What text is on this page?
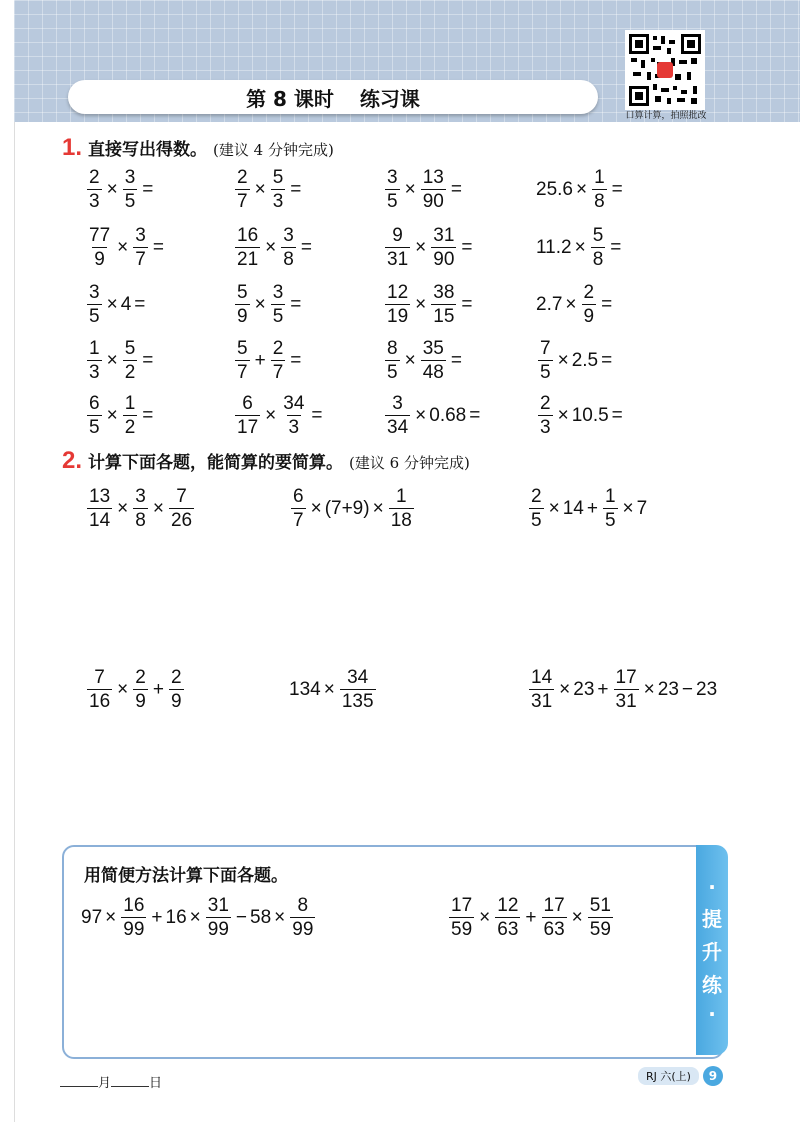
第 8 课时 练习课
口算计算，拍照批改
1. 直接写出得数。 (建议 4 分钟完成)
$\frac{2}{3} \times \frac{3}{5}$ =	$\frac{2}{7} \times \frac{5}{3}$ =	$\frac{3}{5} \times \frac{13}{90}$ =	$25.6 \times \frac{1}{8}$ =
$\frac{77}{9} \times \frac{3}{7}$ =	$\frac{16}{21} \times \frac{3}{8}$ =	$\frac{9}{31} \times \frac{31}{90}$ =	$11.2 \times \frac{5}{8}$ =
$\frac{3}{5} \times 4$ =	$\frac{5}{9} \times \frac{3}{5}$ =	$\frac{12}{19} \times \frac{38}{15}$ =	$2.7 \times \frac{2}{9}$ =
$\frac{1}{3} \times \frac{5}{2}$ =	$\frac{5}{7} + \frac{2}{7}$ =	$\frac{8}{5} \times \frac{35}{48}$ =	$\frac{7}{5} \times 2.5$ =
$\frac{6}{5} \times \frac{1}{2}$ =	$\frac{6}{17} \times \frac{34}{3}$ =	$\frac{3}{34} \times 0.68$ =	$\frac{2}{3} \times 10.5$ =
2. 计算下面各题，能简算的要简算。 (建议 6 分钟完成)
$\frac{13}{14} \times \frac{3}{8} \times \frac{7}{26}$	$\frac{6}{7} \times (7+9) \times \frac{1}{18}$	$\frac{2}{5} \times 14 + \frac{1}{5} \times 7$
$\frac{7}{16} \times \frac{2}{9} + \frac{2}{9}$	$134 \times \frac{34}{135}$	$\frac{14}{31} \times 23 + \frac{17}{31} \times 23 - 23$
·
提
升
练
·
用简便方法计算下面各题。
$97 \times \frac{16}{99} + 16 \times \frac{31}{99} - 58 \times \frac{8}{99}$	$\frac{17}{59} \times \frac{12}{63} + \frac{17}{63} \times \frac{51}{59}$
月	日	RJ 六(上)	9
